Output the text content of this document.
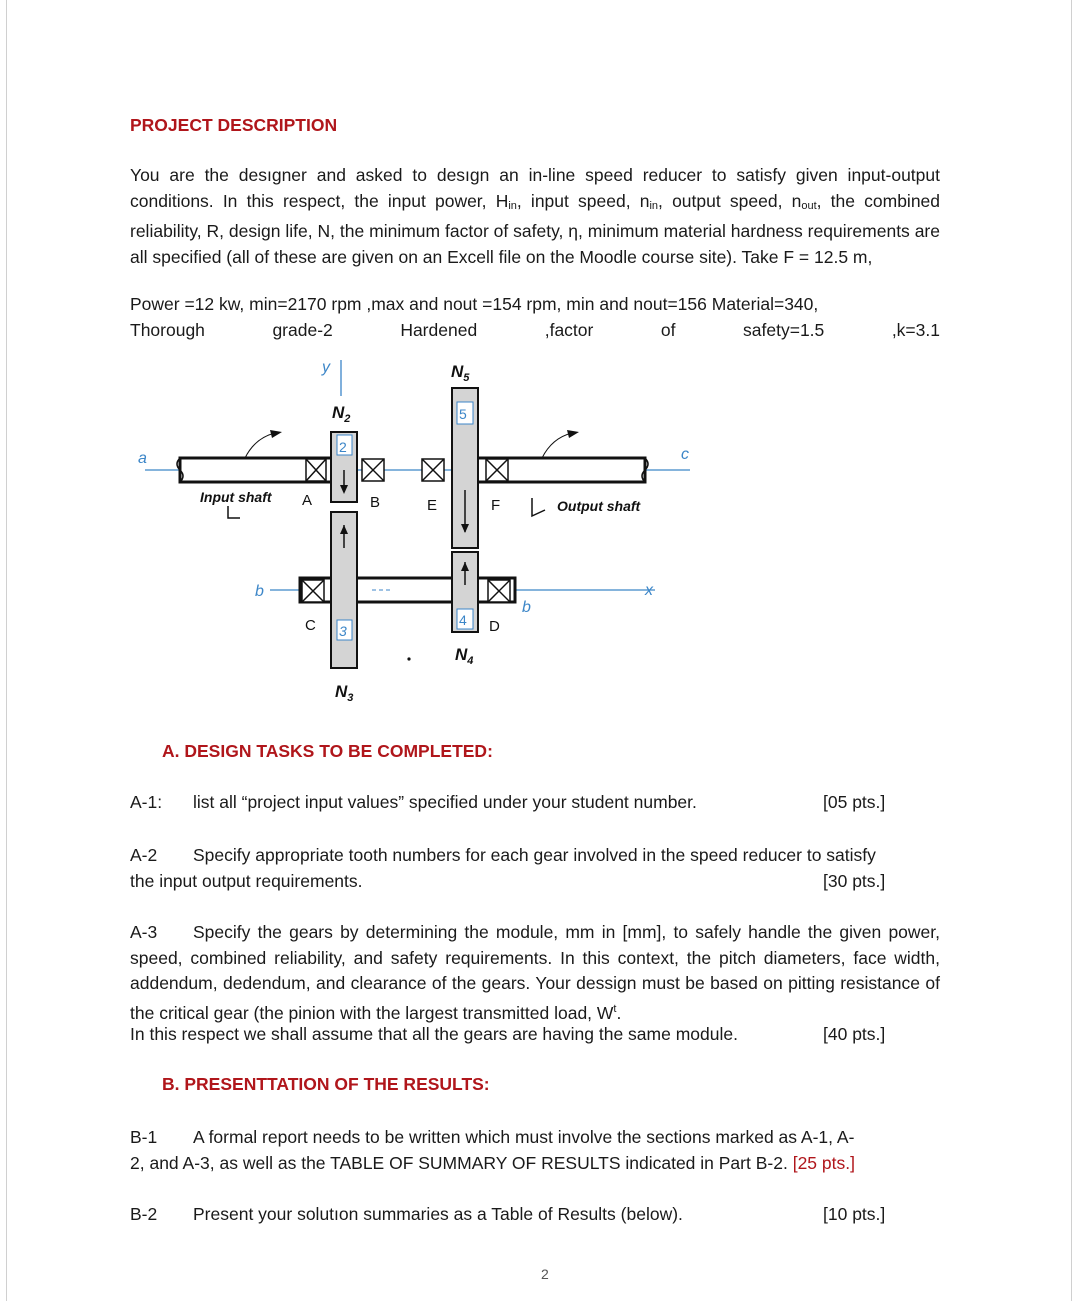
PROJECT DESCRIPTION
You are the desıgner and asked to desıgn an in-line speed reducer to satisfy given input-output conditions. In this respect, the input power, $H_{in}$, input speed, $n_{in}$, output speed, $n_{out}$, the combined reliability, R, design life, N, the minimum factor of safety, η, minimum material hardness requirements are all specified (all of these are given on an Excell file on the Moodle course site). Take F = 12.5 m,
Power =12 kw, min=2170 rpm ,max and nout =154 rpm, min and nout=156 Material=340,
Thorough	grade-2	Hardened	,factor	of	safety=1.5	,k=3.1
y
a	c
b
b
x
2
3
5
4
A	B	E	F
C	D
Input shaft
Output shaft
$N_2$
$N_5$
$N_4$
$N_3$
A. DESIGN TASKS TO BE COMPLETED:
A-1: list all “project input values” specified under your student number.	[05 pts.]
A-2 Specify appropriate tooth numbers for each gear involved in the speed reducer to satisfy
the input output requirements.	[30 pts.]
A-3 Specify the gears by determining the module, mm in [mm], to safely handle the given power, speed, combined reliability, and safety requirements. In this context, the pitch diameters, face width, addendum, dedendum, and clearance of the gears. Your dessign must be based on pitting resistance of the critical gear (the pinion with the largest transmitted load, $W^t$.
In this respect we shall assume that all the gears are having the same module.	[40 pts.]
B. PRESENTTATION OF THE RESULTS:
B-1 A formal report needs to be written which must involve the sections marked as A-1, A-
2, and A-3, as well as the TABLE OF SUMMARY OF RESULTS indicated in Part B-2. [25 pts.]
B-2 Present your solutıon summaries as a Table of Results (below).	[10 pts.]
2
